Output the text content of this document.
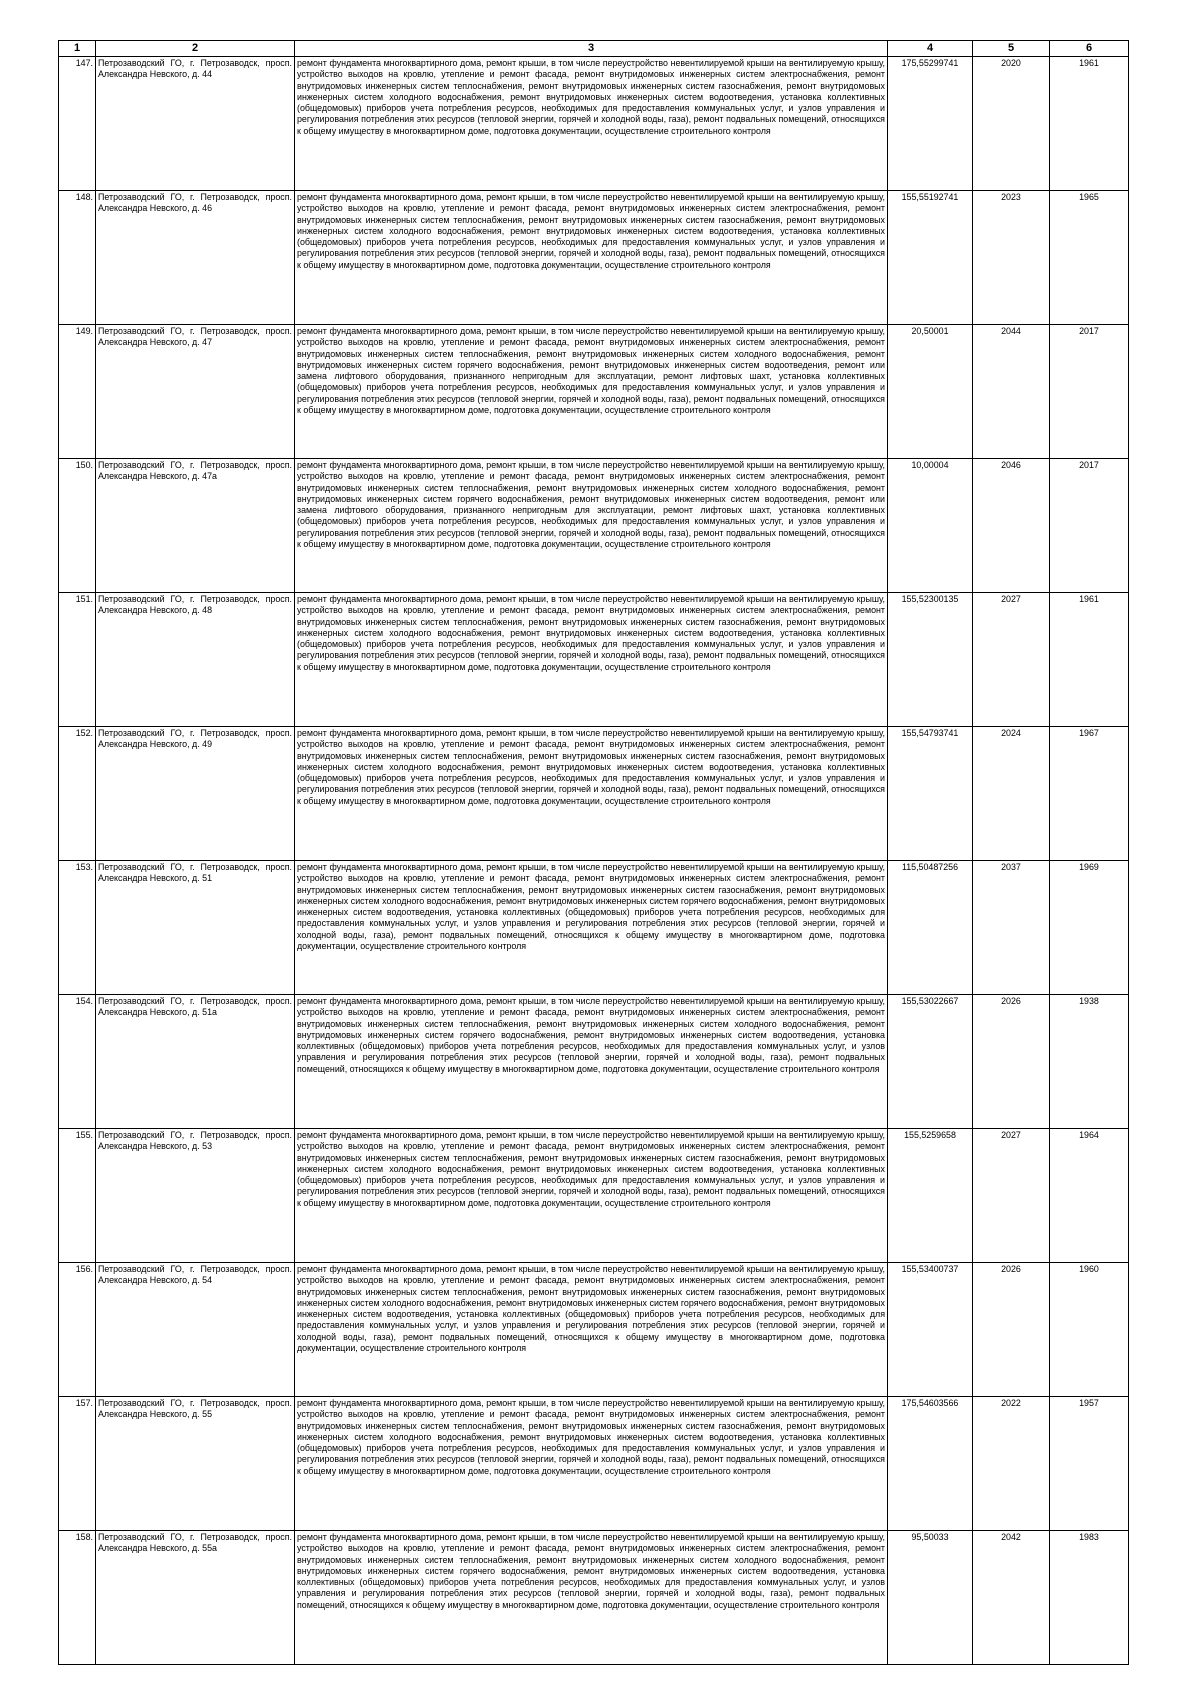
1	2	3	4	5	6
147.	Петрозаводский ГО, г. Петрозаводск, просп. Александра Невского, д. 44	ремонт фундамента многоквартирного дома, ремонт крыши, в том числе переустройство невентилируемой крыши на вентилируемую крышу, устройство выходов на кровлю, утепление и ремонт фасада, ремонт внутридомовых инженерных систем электроснабжения, ремонт внутридомовых инженерных систем теплоснабжения, ремонт внутридомовых инженерных систем газоснабжения, ремонт внутридомовых инженерных систем холодного водоснабжения, ремонт внутридомовых инженерных систем водоотведения, установка коллективных (общедомовых) приборов учета потребления ресурсов, необходимых для предоставления коммунальных услуг, и узлов управления и регулирования потребления этих ресурсов (тепловой энергии, горячей и холодной воды, газа), ремонт подвальных помещений, относящихся к общему имуществу в многоквартирном доме, подготовка документации, осуществление строительного контроля	175,55299741	2020	1961
148.	Петрозаводский ГО, г. Петрозаводск, просп. Александра Невского, д. 46	ремонт фундамента многоквартирного дома, ремонт крыши, в том числе переустройство невентилируемой крыши на вентилируемую крышу, устройство выходов на кровлю, утепление и ремонт фасада, ремонт внутридомовых инженерных систем электроснабжения, ремонт внутридомовых инженерных систем теплоснабжения, ремонт внутридомовых инженерных систем газоснабжения, ремонт внутридомовых инженерных систем холодного водоснабжения, ремонт внутридомовых инженерных систем водоотведения, установка коллективных (общедомовых) приборов учета потребления ресурсов, необходимых для предоставления коммунальных услуг, и узлов управления и регулирования потребления этих ресурсов (тепловой энергии, горячей и холодной воды, газа), ремонт подвальных помещений, относящихся к общему имуществу в многоквартирном доме, подготовка документации, осуществление строительного контроля	155,55192741	2023	1965
149.	Петрозаводский ГО, г. Петрозаводск, просп. Александра Невского, д. 47	ремонт фундамента многоквартирного дома, ремонт крыши, в том числе переустройство невентилируемой крыши на вентилируемую крышу, устройство выходов на кровлю, утепление и ремонт фасада, ремонт внутридомовых инженерных систем электроснабжения, ремонт внутридомовых инженерных систем теплоснабжения, ремонт внутридомовых инженерных систем холодного водоснабжения, ремонт внутридомовых инженерных систем горячего водоснабжения, ремонт внутридомовых инженерных систем водоотведения, ремонт или замена лифтового оборудования, признанного непригодным для эксплуатации, ремонт лифтовых шахт, установка коллективных (общедомовых) приборов учета потребления ресурсов, необходимых для предоставления коммунальных услуг, и узлов управления и регулирования потребления этих ресурсов (тепловой энергии, горячей и холодной воды, газа), ремонт подвальных помещений, относящихся к общему имуществу в многоквартирном доме, подготовка документации, осуществление строительного контроля	20,50001	2044	2017
150.	Петрозаводский ГО, г. Петрозаводск, просп. Александра Невского, д. 47а	ремонт фундамента многоквартирного дома, ремонт крыши, в том числе переустройство невентилируемой крыши на вентилируемую крышу, устройство выходов на кровлю, утепление и ремонт фасада, ремонт внутридомовых инженерных систем электроснабжения, ремонт внутридомовых инженерных систем теплоснабжения, ремонт внутридомовых инженерных систем холодного водоснабжения, ремонт внутридомовых инженерных систем горячего водоснабжения, ремонт внутридомовых инженерных систем водоотведения, ремонт или замена лифтового оборудования, признанного непригодным для эксплуатации, ремонт лифтовых шахт, установка коллективных (общедомовых) приборов учета потребления ресурсов, необходимых для предоставления коммунальных услуг, и узлов управления и регулирования потребления этих ресурсов (тепловой энергии, горячей и холодной воды, газа), ремонт подвальных помещений, относящихся к общему имуществу в многоквартирном доме, подготовка документации, осуществление строительного контроля	10,00004	2046	2017
151.	Петрозаводский ГО, г. Петрозаводск, просп. Александра Невского, д. 48	ремонт фундамента многоквартирного дома, ремонт крыши, в том числе переустройство невентилируемой крыши на вентилируемую крышу, устройство выходов на кровлю, утепление и ремонт фасада, ремонт внутридомовых инженерных систем электроснабжения, ремонт внутридомовых инженерных систем теплоснабжения, ремонт внутридомовых инженерных систем газоснабжения, ремонт внутридомовых инженерных систем холодного водоснабжения, ремонт внутридомовых инженерных систем водоотведения, установка коллективных (общедомовых) приборов учета потребления ресурсов, необходимых для предоставления коммунальных услуг, и узлов управления и регулирования потребления этих ресурсов (тепловой энергии, горячей и холодной воды, газа), ремонт подвальных помещений, относящихся к общему имуществу в многоквартирном доме, подготовка документации, осуществление строительного контроля	155,52300135	2027	1961
152.	Петрозаводский ГО, г. Петрозаводск, просп. Александра Невского, д. 49	ремонт фундамента многоквартирного дома, ремонт крыши, в том числе переустройство невентилируемой крыши на вентилируемую крышу, устройство выходов на кровлю, утепление и ремонт фасада, ремонт внутридомовых инженерных систем электроснабжения, ремонт внутридомовых инженерных систем теплоснабжения, ремонт внутридомовых инженерных систем газоснабжения, ремонт внутридомовых инженерных систем холодного водоснабжения, ремонт внутридомовых инженерных систем водоотведения, установка коллективных (общедомовых) приборов учета потребления ресурсов, необходимых для предоставления коммунальных услуг, и узлов управления и регулирования потребления этих ресурсов (тепловой энергии, горячей и холодной воды, газа), ремонт подвальных помещений, относящихся к общему имуществу в многоквартирном доме, подготовка документации, осуществление строительного контроля	155,54793741	2024	1967
153.	Петрозаводский ГО, г. Петрозаводск, просп. Александра Невского, д. 51	ремонт фундамента многоквартирного дома, ремонт крыши, в том числе переустройство невентилируемой крыши на вентилируемую крышу, устройство выходов на кровлю, утепление и ремонт фасада, ремонт внутридомовых инженерных систем электроснабжения, ремонт внутридомовых инженерных систем теплоснабжения, ремонт внутридомовых инженерных систем газоснабжения, ремонт внутридомовых инженерных систем холодного водоснабжения, ремонт внутридомовых инженерных систем горячего водоснабжения, ремонт внутридомовых инженерных систем водоотведения, установка коллективных (общедомовых) приборов учета потребления ресурсов, необходимых для предоставления коммунальных услуг, и узлов управления и регулирования потребления этих ресурсов (тепловой энергии, горячей и холодной воды, газа), ремонт подвальных помещений, относящихся к общему имуществу в многоквартирном доме, подготовка документации, осуществление строительного контроля	115,50487256	2037	1969
154.	Петрозаводский ГО, г. Петрозаводск, просп. Александра Невского, д. 51а	ремонт фундамента многоквартирного дома, ремонт крыши, в том числе переустройство невентилируемой крыши на вентилируемую крышу, устройство выходов на кровлю, утепление и ремонт фасада, ремонт внутридомовых инженерных систем электроснабжения, ремонт внутридомовых инженерных систем теплоснабжения, ремонт внутридомовых инженерных систем холодного водоснабжения, ремонт внутридомовых инженерных систем горячего водоснабжения, ремонт внутридомовых инженерных систем водоотведения, установка коллективных (общедомовых) приборов учета потребления ресурсов, необходимых для предоставления коммунальных услуг, и узлов управления и регулирования потребления этих ресурсов (тепловой энергии, горячей и холодной воды, газа), ремонт подвальных помещений, относящихся к общему имуществу в многоквартирном доме, подготовка документации, осуществление строительного контроля	155,53022667	2026	1938
155.	Петрозаводский ГО, г. Петрозаводск, просп. Александра Невского, д. 53	ремонт фундамента многоквартирного дома, ремонт крыши, в том числе переустройство невентилируемой крыши на вентилируемую крышу, устройство выходов на кровлю, утепление и ремонт фасада, ремонт внутридомовых инженерных систем электроснабжения, ремонт внутридомовых инженерных систем теплоснабжения, ремонт внутридомовых инженерных систем газоснабжения, ремонт внутридомовых инженерных систем холодного водоснабжения, ремонт внутридомовых инженерных систем водоотведения, установка коллективных (общедомовых) приборов учета потребления ресурсов, необходимых для предоставления коммунальных услуг, и узлов управления и регулирования потребления этих ресурсов (тепловой энергии, горячей и холодной воды, газа), ремонт подвальных помещений, относящихся к общему имуществу в многоквартирном доме, подготовка документации, осуществление строительного контроля	155,5259658	2027	1964
156.	Петрозаводский ГО, г. Петрозаводск, просп. Александра Невского, д. 54	ремонт фундамента многоквартирного дома, ремонт крыши, в том числе переустройство невентилируемой крыши на вентилируемую крышу, устройство выходов на кровлю, утепление и ремонт фасада, ремонт внутридомовых инженерных систем электроснабжения, ремонт внутридомовых инженерных систем теплоснабжения, ремонт внутридомовых инженерных систем газоснабжения, ремонт внутридомовых инженерных систем холодного водоснабжения, ремонт внутридомовых инженерных систем горячего водоснабжения, ремонт внутридомовых инженерных систем водоотведения, установка коллективных (общедомовых) приборов учета потребления ресурсов, необходимых для предоставления коммунальных услуг, и узлов управления и регулирования потребления этих ресурсов (тепловой энергии, горячей и холодной воды, газа), ремонт подвальных помещений, относящихся к общему имуществу в многоквартирном доме, подготовка документации, осуществление строительного контроля	155,53400737	2026	1960
157.	Петрозаводский ГО, г. Петрозаводск, просп. Александра Невского, д. 55	ремонт фундамента многоквартирного дома, ремонт крыши, в том числе переустройство невентилируемой крыши на вентилируемую крышу, устройство выходов на кровлю, утепление и ремонт фасада, ремонт внутридомовых инженерных систем электроснабжения, ремонт внутридомовых инженерных систем теплоснабжения, ремонт внутридомовых инженерных систем газоснабжения, ремонт внутридомовых инженерных систем холодного водоснабжения, ремонт внутридомовых инженерных систем водоотведения, установка коллективных (общедомовых) приборов учета потребления ресурсов, необходимых для предоставления коммунальных услуг, и узлов управления и регулирования потребления этих ресурсов (тепловой энергии, горячей и холодной воды, газа), ремонт подвальных помещений, относящихся к общему имуществу в многоквартирном доме, подготовка документации, осуществление строительного контроля	175,54603566	2022	1957
158.	Петрозаводский ГО, г. Петрозаводск, просп. Александра Невского, д. 55а	ремонт фундамента многоквартирного дома, ремонт крыши, в том числе переустройство невентилируемой крыши на вентилируемую крышу, устройство выходов на кровлю, утепление и ремонт фасада, ремонт внутридомовых инженерных систем электроснабжения, ремонт внутридомовых инженерных систем теплоснабжения, ремонт внутридомовых инженерных систем холодного водоснабжения, ремонт внутридомовых инженерных систем горячего водоснабжения, ремонт внутридомовых инженерных систем водоотведения, установка коллективных (общедомовых) приборов учета потребления ресурсов, необходимых для предоставления коммунальных услуг, и узлов управления и регулирования потребления этих ресурсов (тепловой энергии, горячей и холодной воды, газа), ремонт подвальных помещений, относящихся к общему имуществу в многоквартирном доме, подготовка документации, осуществление строительного контроля	95,50033	2042	1983
